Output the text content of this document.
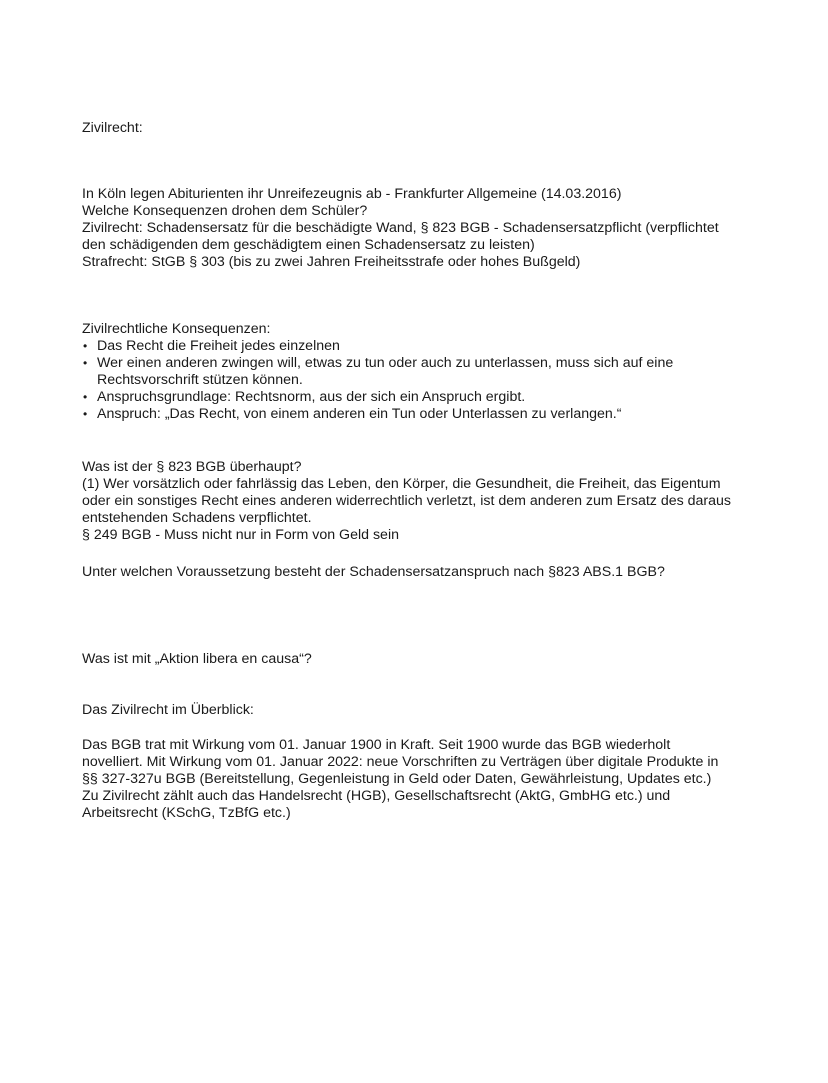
Zivilrecht:
In Köln legen Abiturienten ihr Unreifezeugnis ab - Frankfurter Allgemeine (14.03.2016)
Welche Konsequenzen drohen dem Schüler?
Zivilrecht: Schadensersatz für die beschädigte Wand, § 823 BGB - Schadensersatzpflicht (verpflichtet
den schädigenden dem geschädigtem einen Schadensersatz zu leisten)
Strafrecht: StGB § 303 (bis zu zwei Jahren Freiheitsstrafe oder hohes Bußgeld)
Zivilrechtliche Konsequenzen:
• Das Recht die Freiheit jedes einzelnen
• Wer einen anderen zwingen will, etwas zu tun oder auch zu unterlassen, muss sich auf eine
Rechtsvorschrift stützen können.
• Anspruchsgrundlage: Rechtsnorm, aus der sich ein Anspruch ergibt.
• Anspruch: „Das Recht, von einem anderen ein Tun oder Unterlassen zu verlangen.“
Was ist der § 823 BGB überhaupt?
(1) Wer vorsätzlich oder fahrlässig das Leben, den Körper, die Gesundheit, die Freiheit, das Eigentum
oder ein sonstiges Recht eines anderen widerrechtlich verletzt, ist dem anderen zum Ersatz des daraus
entstehenden Schadens verpflichtet.
§ 249 BGB - Muss nicht nur in Form von Geld sein
Unter welchen Voraussetzung besteht der Schadensersatzanspruch nach §823 ABS.1 BGB?
Was ist mit „Aktion libera en causa“?
Das Zivilrecht im Überblick:
Das BGB trat mit Wirkung vom 01. Januar 1900 in Kraft. Seit 1900 wurde das BGB wiederholt
novelliert. Mit Wirkung vom 01. Januar 2022: neue Vorschriften zu Verträgen über digitale Produkte in
§§ 327-327u BGB (Bereitstellung, Gegenleistung in Geld oder Daten, Gewährleistung, Updates etc.)
Zu Zivilrecht zählt auch das Handelsrecht (HGB), Gesellschaftsrecht (AktG, GmbHG etc.) und
Arbeitsrecht (KSchG, TzBfG etc.)
